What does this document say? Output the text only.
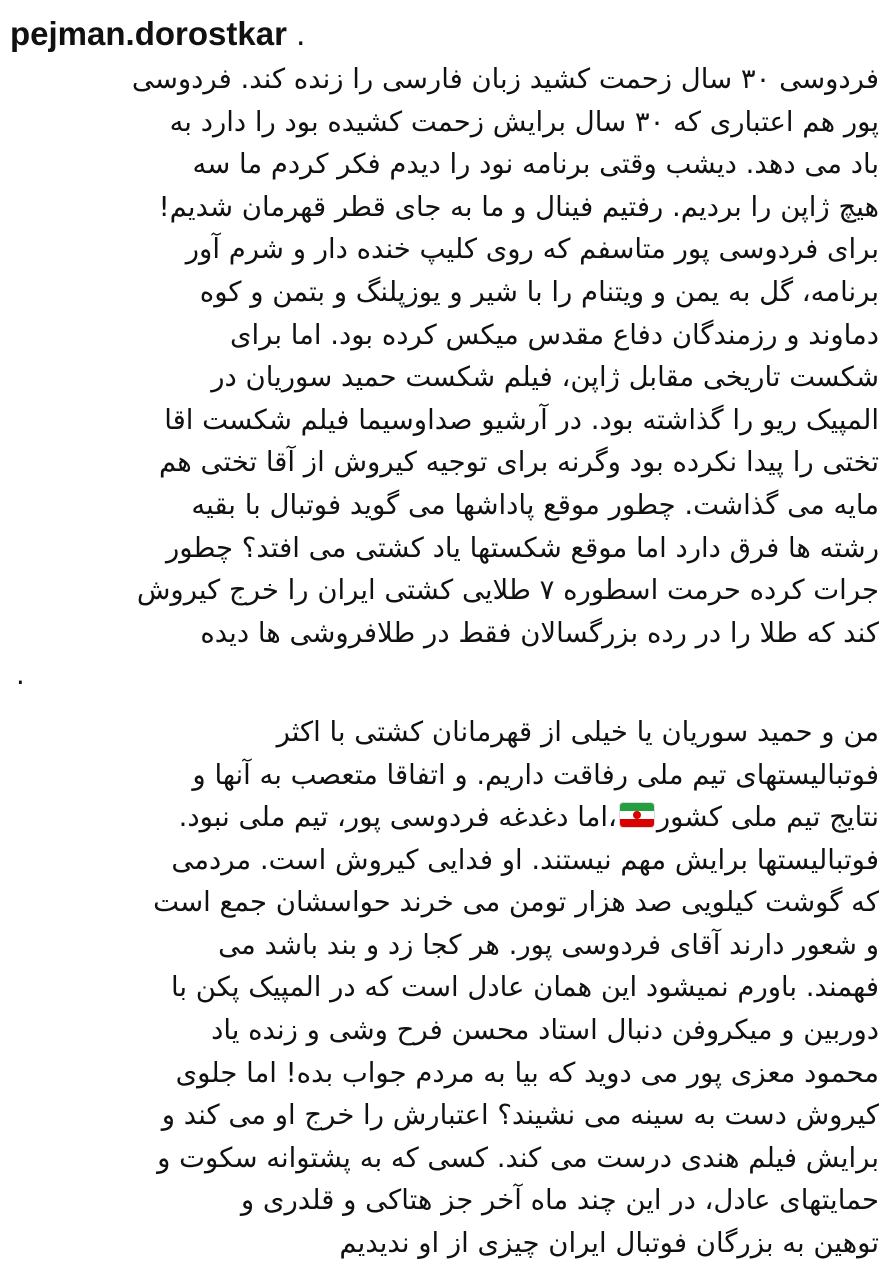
pejman.dorostkar .
فردوسی ۳۰ سال زحمت کشید زبان فارسی را زنده کند. فردوسی
پور هم اعتباری که ۳۰ سال برایش زحمت کشیده بود را دارد به
باد می دهد. دیشب وقتی برنامه نود را دیدم فکر کردم ما سه
هیچ ژاپن را بردیم. رفتیم فینال و ما به جای قطر قهرمان شدیم!
برای فردوسی پور متاسفم که روی کلیپ خنده دار و شرم آور
برنامه، گل به یمن و ویتنام را با شیر و یوزپلنگ و بتمن و کوه
دماوند و رزمندگان دفاع مقدس میکس کرده بود. اما برای
شکست تاریخی مقابل ژاپن، فیلم شکست حمید سوریان در
المپیک ریو را گذاشته بود. در آرشیو صداوسیما فیلم شکست اقا
تختی را پیدا نکرده بود وگرنه برای توجیه کیروش از آقا تختی هم
مایه می گذاشت. چطور موقع پاداشها می گوید فوتبال با بقیه
رشته ها فرق دارد اما موقع شکستها یاد کشتی می افتد؟ چطور
جرات کرده حرمت اسطوره ۷ طلایی کشتی ایران را خرج کیروش
کند که طلا را در رده بزرگسالان فقط در طلافروشی ها دیده
.
من و حمید سوریان یا خیلی از قهرمانان کشتی با اکثر
فوتبالیستهای تیم ملی رفاقت داریم. و اتفاقا متعصب به آنها و
نتایج تیم ملی کشور
،اما دغدغه فردوسی پور، تیم ملی نبود.
فوتبالیستها برایش مهم نیستند. او فدایی کیروش است. مردمی
که گوشت کیلویی صد هزار تومن می خرند حواسشان جمع است
و شعور دارند آقای فردوسی پور. هر کجا زد و بند باشد می
فهمند. باورم نمیشود این همان عادل است که در المپیک پکن با
دوربین و میکروفن دنبال استاد محسن فرح وشی و زنده یاد
محمود معزی پور می دوید که بیا به مردم جواب بده! اما جلوی
کیروش دست به سینه می نشیند؟ اعتبارش را خرج او می کند و
برایش فیلم هندی درست می کند. کسی که به پشتوانه سکوت و
حمایتهای عادل، در این چند ماه آخر جز هتاکی و قلدری و
توهین به بزرگان فوتبال ایران چیزی از او ندیدیم
